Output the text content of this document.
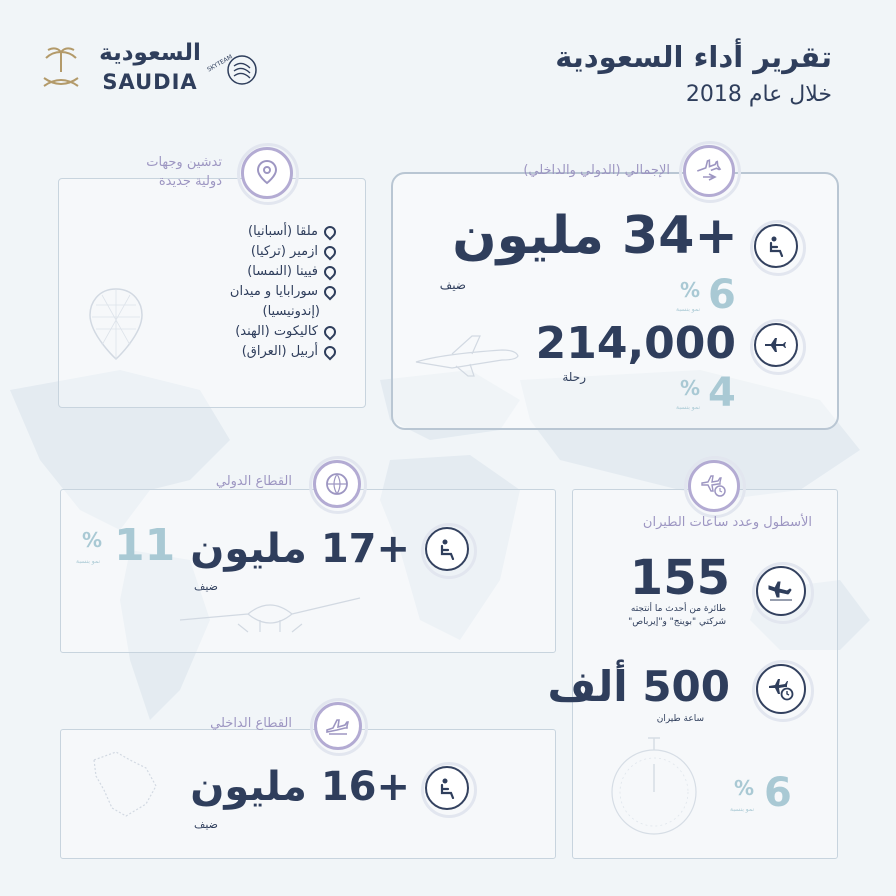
تقرير أداء السعودية
خلال عام 2018
السعودية
SAUDIA
SKYTEAM
تدشين وجهات
دولية جديدة
ملقا (أسبانيا)
ازمير (تركيا)
فيينا (النمسا)
سورابايا و ميدان
(إندونيسيا)
كاليكوت (الهند)
أربيل (العراق)
الإجمالي (الدولي والداخلي)
+34 مليون
ضيف	6
%
نمو بنسبة
214,000
رحلة	4
%
نمو بنسبة
القطاع الدولي
+17 مليون
ضيف
11
%
نمو بنسبة
القطاع الداخلي
+16 مليون
ضيف
الأسطول وعدد ساعات الطيران
155
طائرة من أحدث ما أنتجته
شركتي "بوينج" و"إيرباص"
500 ألف
ساعة طيران
6
%
نمو بنسبة
